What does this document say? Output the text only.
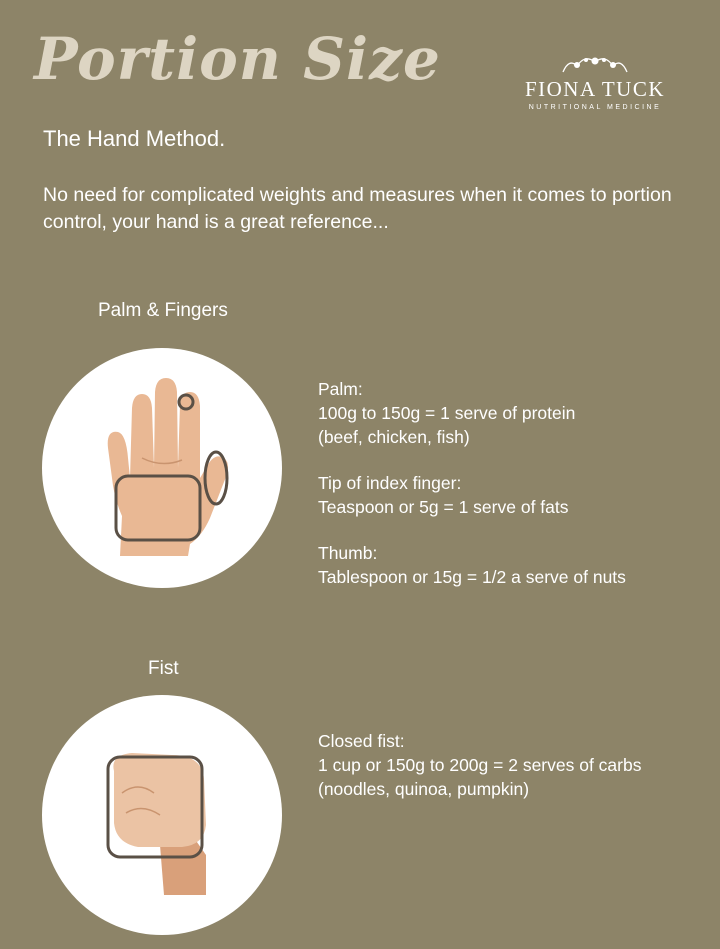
Portion Size	FIONA TUCK
NUTRITIONAL MEDICINE

The Hand Method.

No need for complicated weights and measures when it comes to portion control, your hand is a great reference...

Palm & Fingers

Palm:
100g to 150g = 1 serve of protein
(beef, chicken, fish)
Tip of index finger:
Teaspoon or 5g = 1 serve of fats
Thumb:
Tablespoon or 15g = 1/2 a serve of nuts

Fist

Closed fist:
1 cup or 150g to 200g = 2 serves of carbs
(noodles, quinoa, pumpkin)
